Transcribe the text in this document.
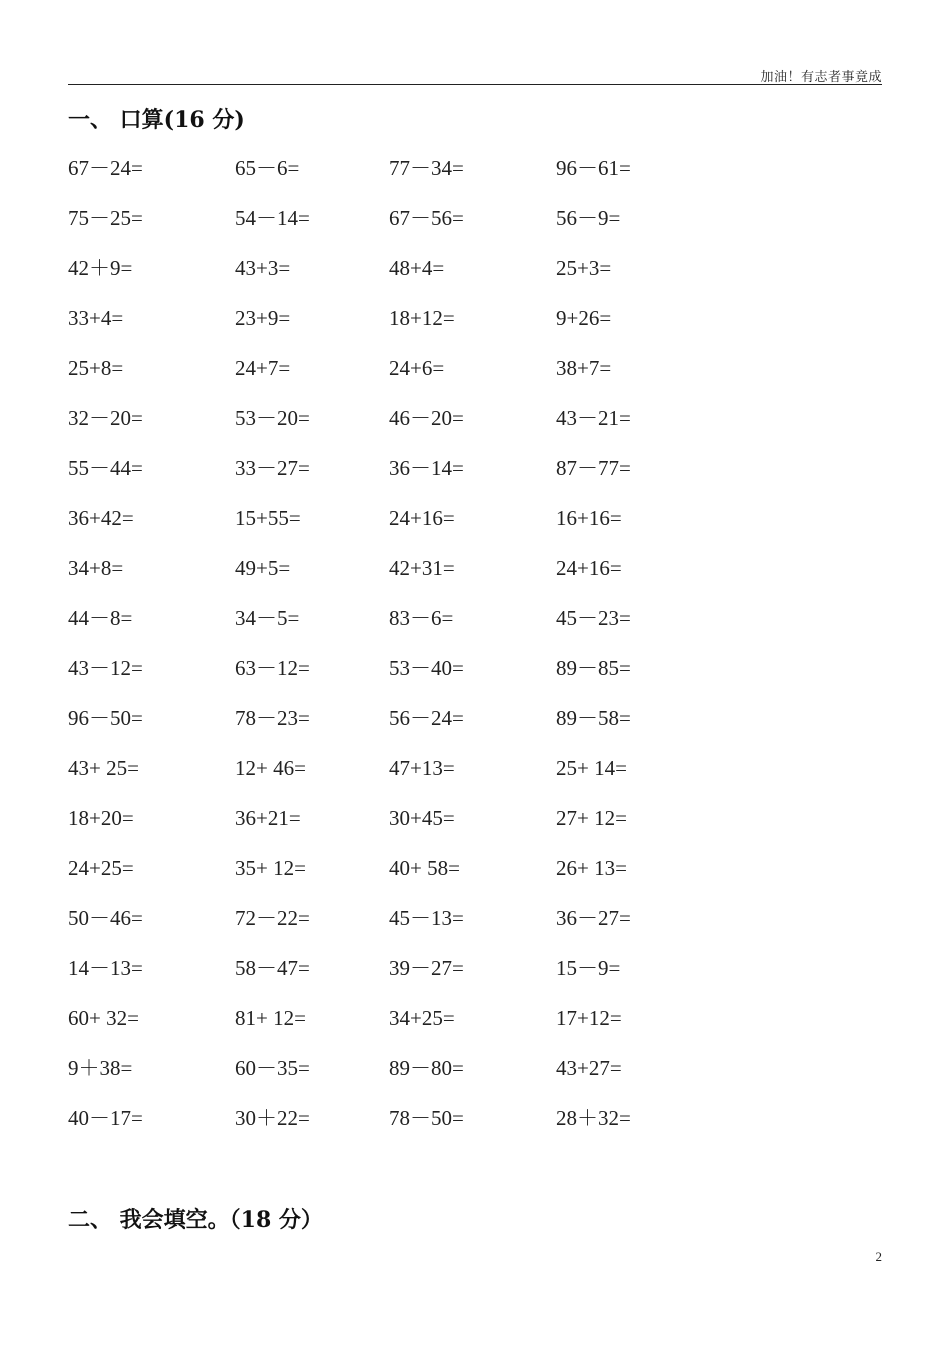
加油！有志者事竟成
一、 口算(16 分)
67－24=	65－6=	77－34=	96－61=
75－25=	54－14=	67－56=	56－9=
42＋9=	43+3=	48+4=	25+3=
33+4=	23+9=	18+12=	9+26=
25+8=	24+7=	24+6=	38+7=
32－20=	53－20=	46－20=	43－21=
55－44=	33－27=	36－14=	87－77=
36+42=	15+55=	24+16=	16+16=
34+8=	49+5=	42+31=	24+16=
44－8=	34－5=	83－6=	45－23=
43－12=	63－12=	53－40=	89－85=
96－50=	78－23=	56－24=	89－58=
43+ 25=	12+ 46=	47+13=	25+ 14=
18+20=	36+21=	30+45=	27+ 12=
24+25=	35+ 12=	40+ 58=	26+ 13=
50－46=	72－22=	45－13=	36－27=
14－13=	58－47=	39－27=	15－9=
60+ 32=	81+ 12=	34+25=	17+12=
9＋38=	60－35=	89－80=	43+27=
40－17=	30＋22=	78－50=	28＋32=
二、 我会填空。（18 分）
2
